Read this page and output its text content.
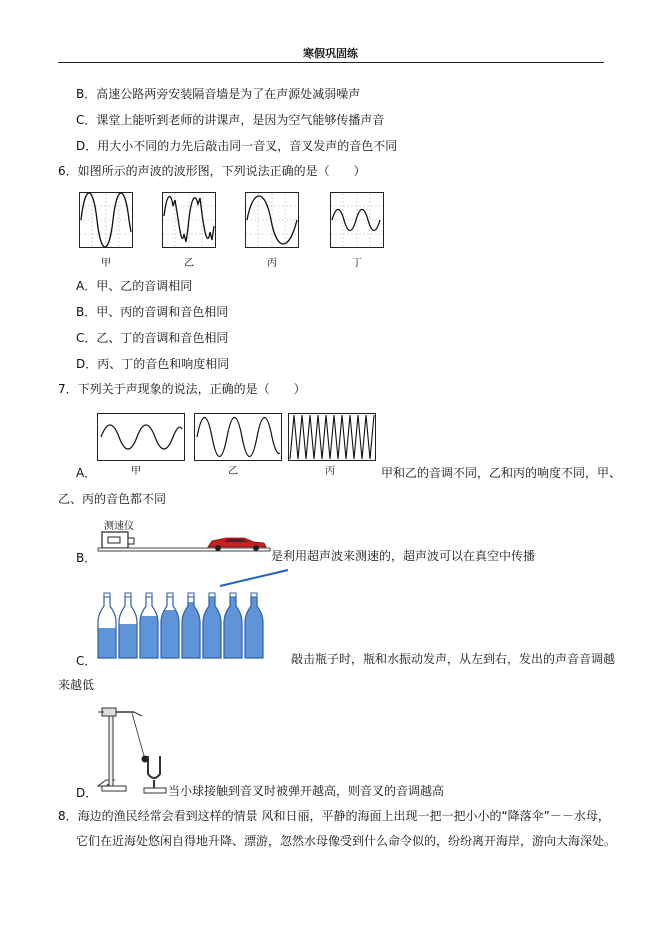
寒假巩固练
B．高速公路两旁安装隔音墙是为了在声源处减弱噪声
C．课堂上能听到老师的讲课声，是因为空气能够传播声音
D．用大小不同的力先后敲击同一音叉，音叉发声的音色不同
6．如图所示的声波的波形图，下列说法正确的是（　　）
甲	乙	丙	丁
A．甲、乙的音调相同
B．甲、丙的音调和音色相同
C．乙、丁的音调和音色相同
D．丙、丁的音色和响度相同
7．下列关于声现象的说法，正确的是（　　）
甲	乙	丙
A．	甲和乙的音调不同，乙和丙的响度不同，甲、
乙、丙的音色都不同
测速仪
B．	是利用超声波来测速的，超声波可以在真空中传播
C．	敲击瓶子时，瓶和水振动发声，从左到右，发出的声音音调越
来越低
D．	当小球接触到音叉时被弹开越高，则音叉的音调越高
8．海边的渔民经常会看到这样的情景 风和日丽，平静的海面上出现一把一把小小的“降落伞”－－水母，
它们在近海处悠闲自得地升降、漂游，忽然水母像受到什么命令似的，纷纷离开海岸，游向大海深处。
